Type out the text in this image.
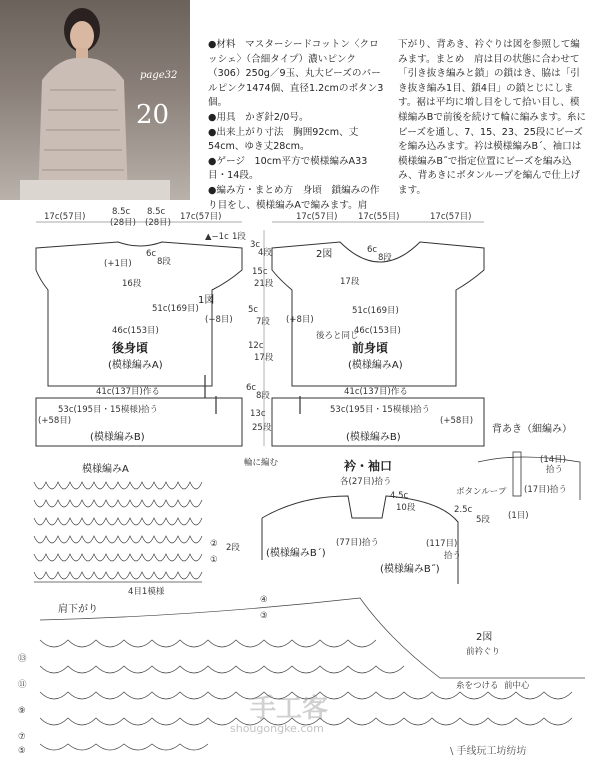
page32
20
●材料　マスターシードコットン〈クロッシェ〉（合細タイプ）濃いピンク（306）250g／9玉、丸大ビーズのパールピンク1474個、直径1.2cmのボタン3個。
●用具　かぎ針2/0号。
●出来上がり寸法　胸囲92cm、丈54cm、ゆき丈28cm。
●ゲージ　10cm平方で模様編みA33目・14段。
●編み方・まとめ方　身頃　鎖編みの作り目をし、模様編みAで編みます。肩
下がり、背あき、衿ぐりは図を参照して編みます。まとめ　肩は目の状態に合わせて「引き抜き編みと鎖」の鎖はき、脇は「引き抜き編み1目、鎖4目」の鎖とじにします。裾は平均に増し目をして拾い目し、模様編みBで前後を続けて輪に編みます。糸にビーズを通し、7、15、23、25段にビーズを編み込みます。衿は模様編みB´、袖口は模様編みB˝で指定位置にビーズを編み込み、背あきにボタンループを編んで仕上げます。
17c(57目)	8.5c
(28目)
8.5c
(28目)
17c(57目)
▲−1c 1段
6c
8段
(+1目)
16段
51c(169目)
(+8目)
1図
46c(153目)
後身頃
(模様編みA)
41c(137目)作る
53c(195目・15模様)拾う
(+58目)
(模様編みB)
3c
4段
15c
21段
5c
7段
12c
17段
6c
8段
13c
25段
輪に編む
17c(57目) 17c(55目)	17c(57目)
2図	6c
8段
17段
51c(169目)
(+8目)
後ろと同じ
46c(153目)
前身頃
(模様編みA)
41c(137目)作る
53c(195目・15模様)拾う
(+58目)
(模様編みB)
背あき（細編み）
(14目)
拾う
ボタンループ (17目)拾う
(1目)
模様編みA
②
①
2段
4目1模様
衿・袖口
各(27目)拾う
4.5c
10段	2.5c
5段
(77目)拾う	(117目)
拾う
(模様編みB´)
(模様編みB˝)
肩下がり
④
③
2図
前衿ぐり
糸をつける 前中心
⑬
⑪
⑨
⑦
⑤
手工客
shougongke.com
\ 手线玩工坊纺坊
